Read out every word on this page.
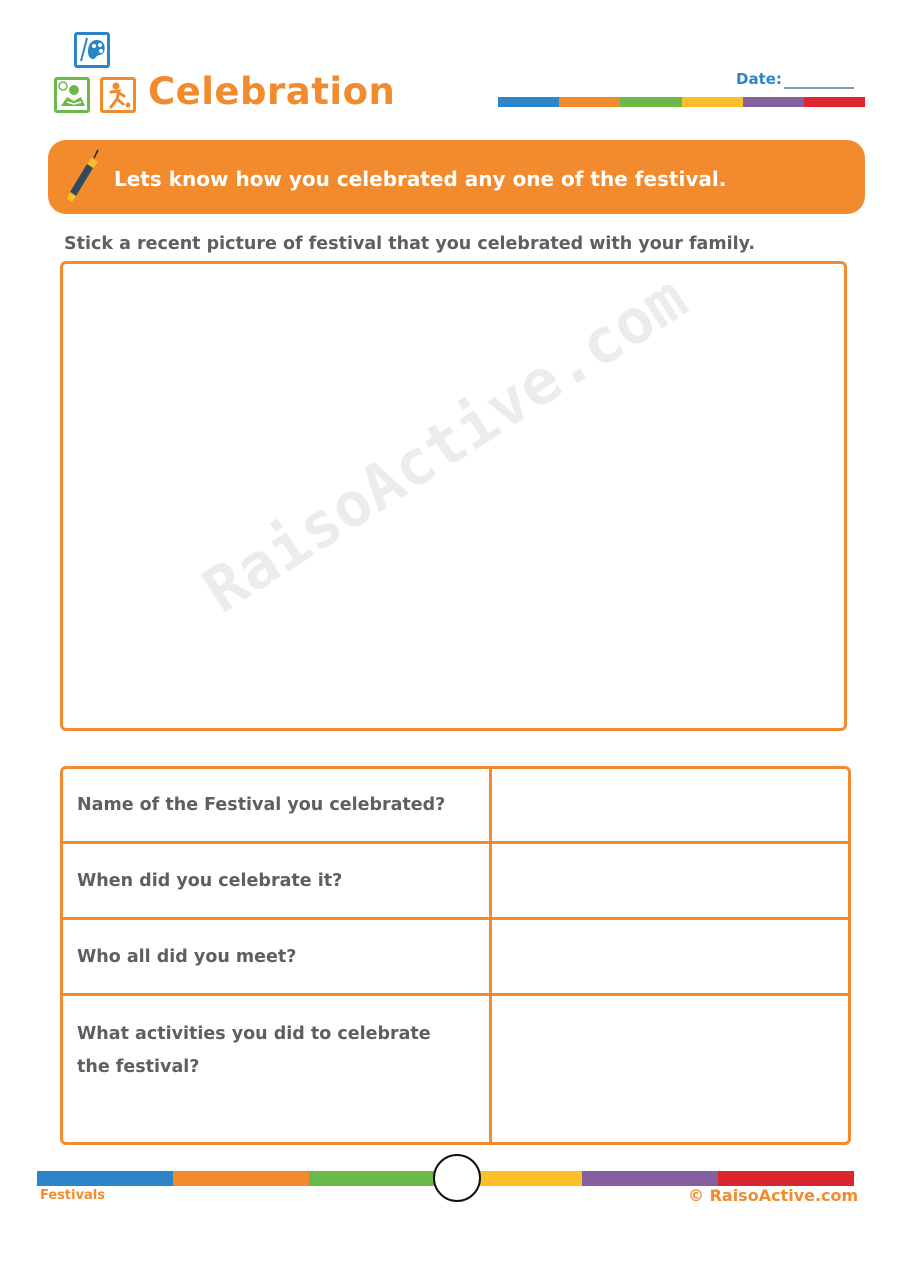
Celebration	Date:
Lets know how you celebrated any one of the festival.
Stick a recent picture of festival that you celebrated with your family.
RaisoActive.com
Name of the Festival you celebrated?
When did you celebrate it?
Who all did you meet?
What activities you did to celebrate the festival?
Festivals	© RaisoActive.com
